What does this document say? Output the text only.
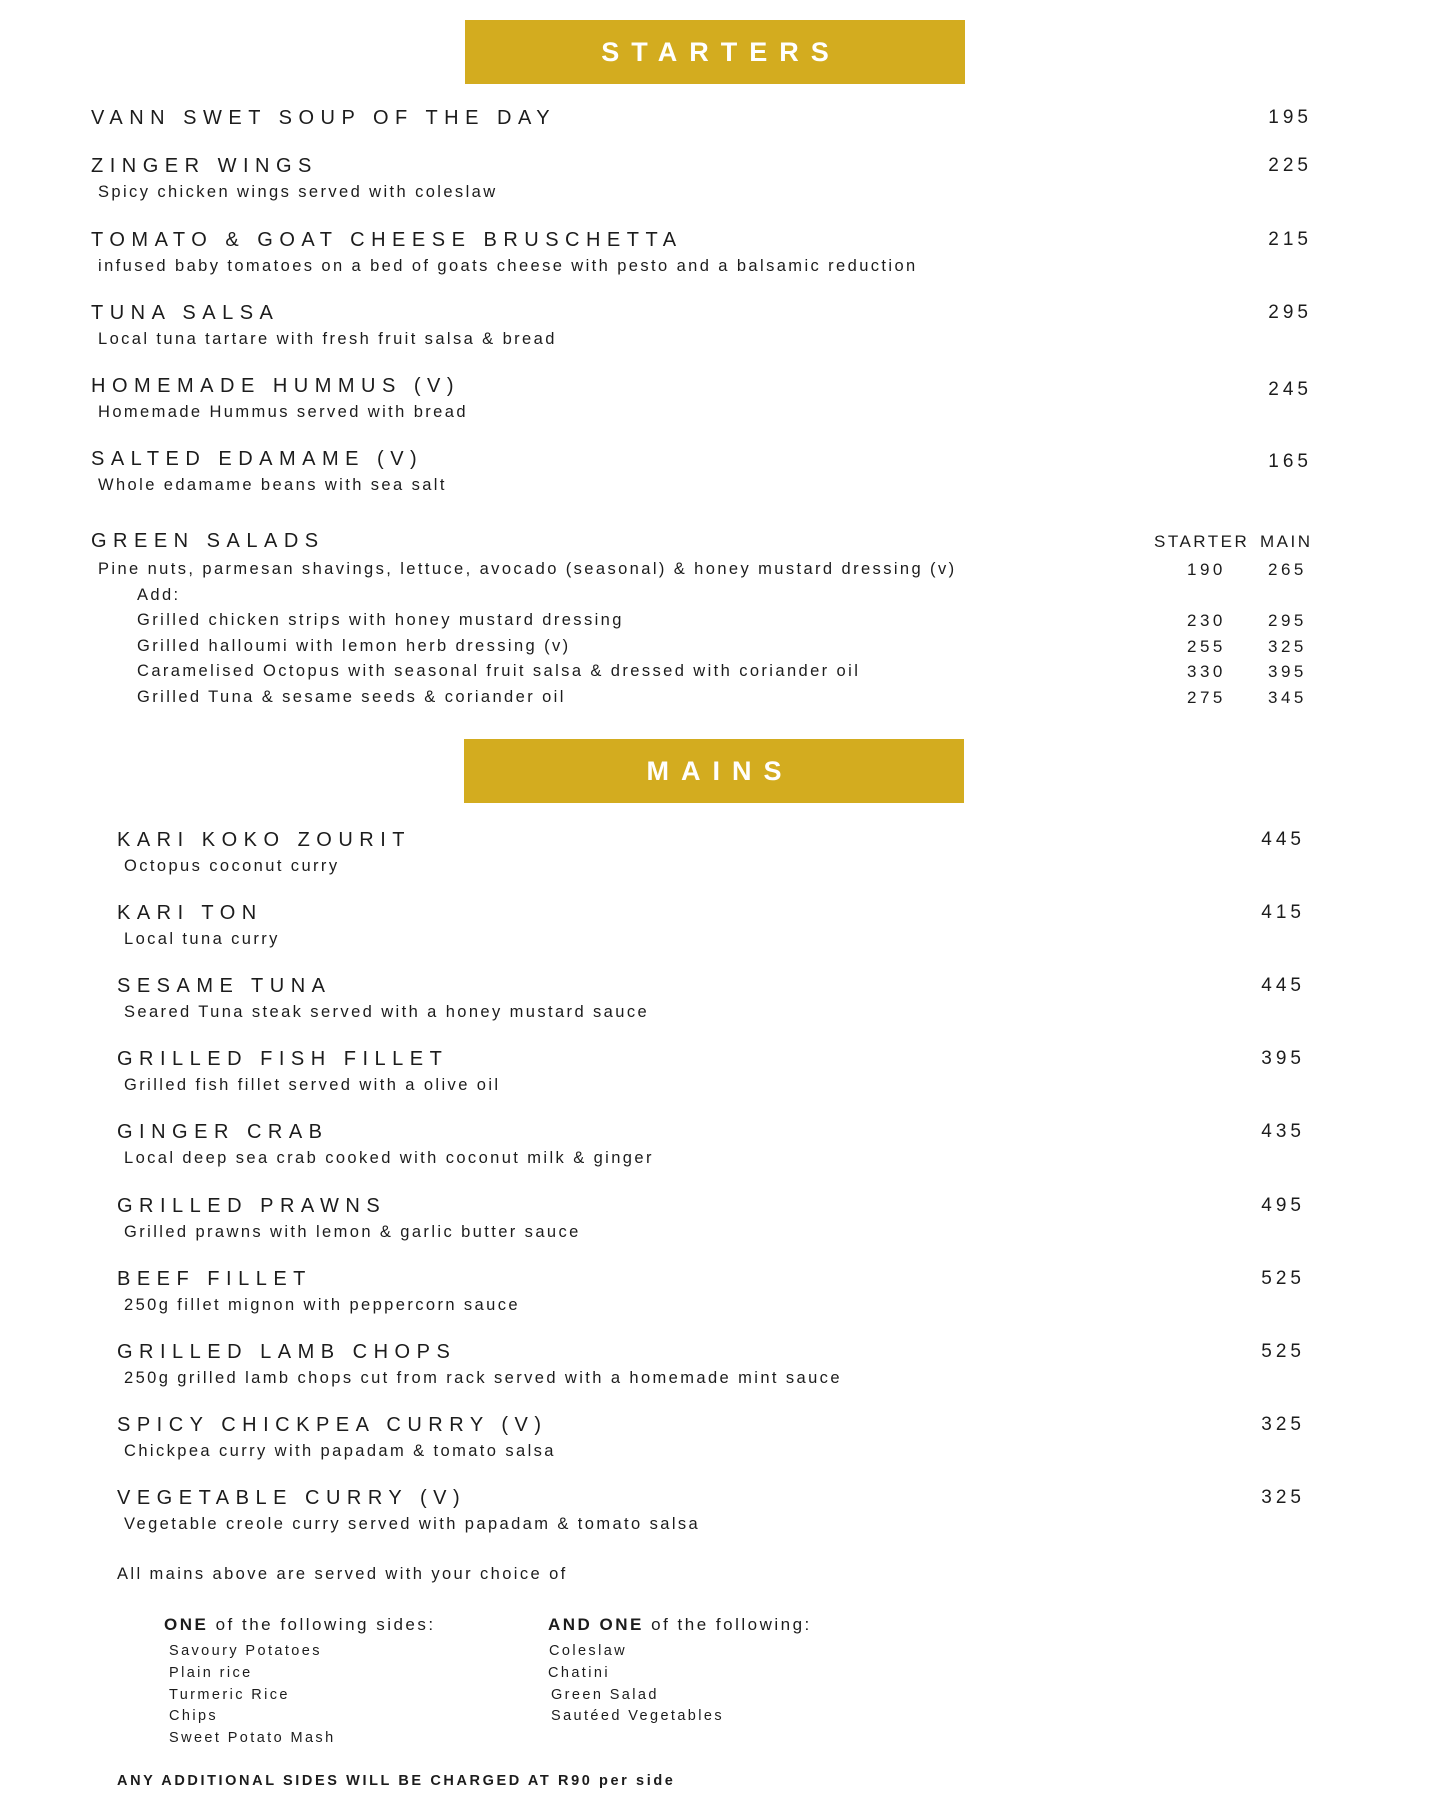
STARTERS
VANN SWET SOUP OF THE DAY	195
ZINGER WINGS
Spicy chicken wings served with coleslaw
225
TOMATO & GOAT CHEESE BRUSCHETTA
infused baby tomatoes on a bed of goats cheese with pesto and a balsamic reduction
215
TUNA SALSA
Local tuna tartare with fresh fruit salsa & bread
295
HOMEMADE HUMMUS (V)
Homemade Hummus served with bread
245
SALTED EDAMAME (V)
Whole edamame beans with sea salt
165
GREEN SALADS	STARTER MAIN
Pine nuts, parmesan shavings, lettuce, avocado (seasonal) & honey mustard dressing (v)	190 265
Add:
Grilled chicken strips with honey mustard dressing	230 295
Grilled halloumi with lemon herb dressing (v)	255 325
Caramelised Octopus with seasonal fruit salsa & dressed with coriander oil	330 395
Grilled Tuna & sesame seeds & coriander oil	275 345
MAINS
KARI KOKO ZOURIT
Octopus coconut curry
445
KARI TON
Local tuna curry
415
SESAME TUNA
Seared Tuna steak served with a honey mustard sauce
445
GRILLED FISH FILLET
Grilled fish fillet served with a olive oil
395
GINGER CRAB
Local deep sea crab cooked with coconut milk & ginger
435
GRILLED PRAWNS
Grilled prawns with lemon & garlic butter sauce
495
BEEF FILLET
250g fillet mignon with peppercorn sauce
525
GRILLED LAMB CHOPS
250g grilled lamb chops cut from rack served with a homemade mint sauce
525
SPICY CHICKPEA CURRY (V)
Chickpea curry with papadam & tomato salsa
325
VEGETABLE CURRY (V)
Vegetable creole curry served with papadam & tomato salsa
325
All mains above are served with your choice of
ONE of the following sides:
Savoury Potatoes
Plain rice
Turmeric Rice
Chips
Sweet Potato Mash
AND ONE of the following:
Coleslaw
Chatini
Green Salad
Sautéed Vegetables
ANY ADDITIONAL SIDES WILL BE CHARGED AT R90 per side
